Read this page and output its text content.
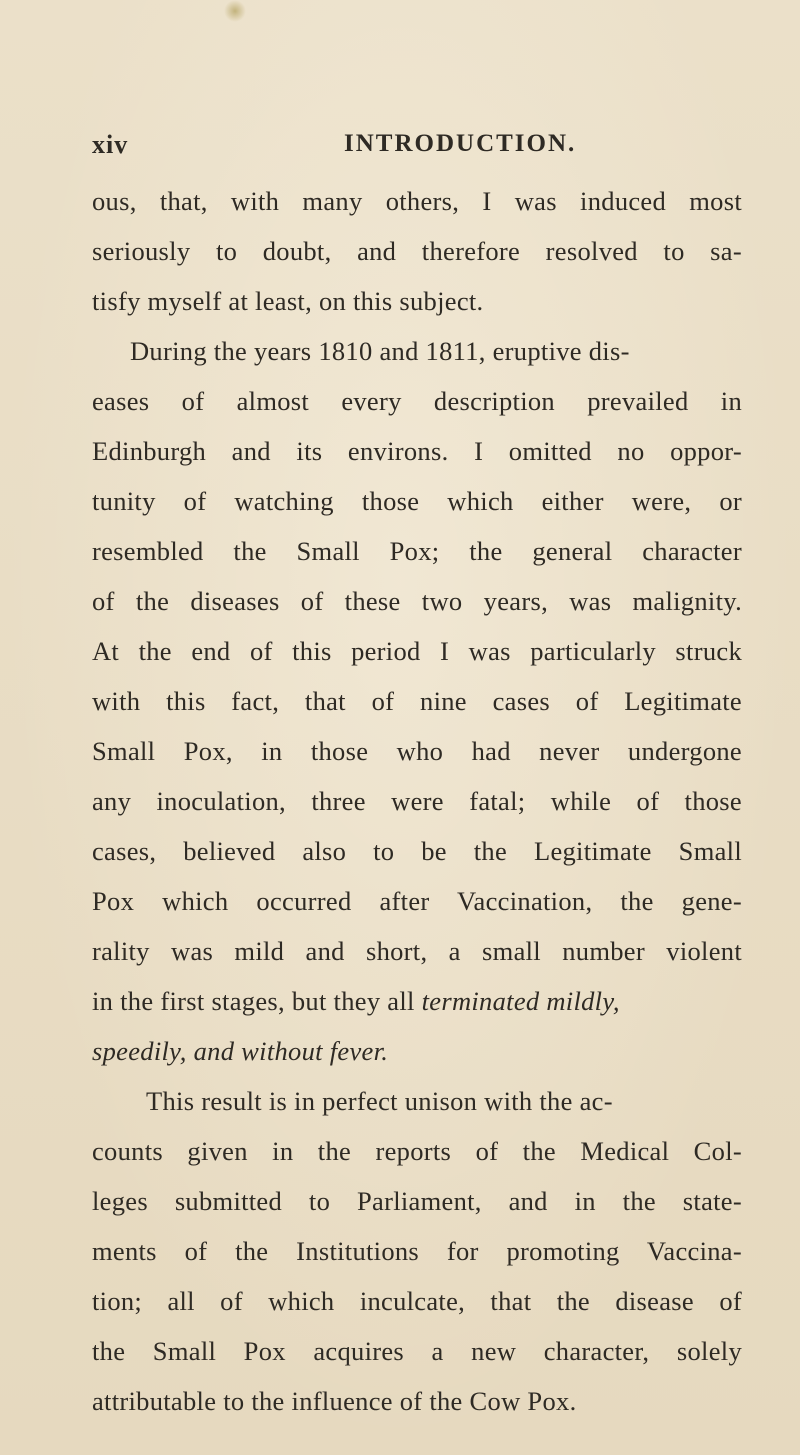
xiv	INTRODUCTION.
ous, that, with many others, I was induced most
seriously to doubt, and therefore resolved to sa-
tisfy myself at least, on this subject.
During the years 1810 and 1811, eruptive dis-
eases of almost every description prevailed in
Edinburgh and its environs. I omitted no oppor-
tunity of watching those which either were, or
resembled the Small Pox; the general character
of the diseases of these two years, was malignity.
At the end of this period I was particularly struck
with this fact, that of nine cases of Legitimate
Small Pox, in those who had never undergone
any inoculation, three were fatal; while of those
cases, believed also to be the Legitimate Small
Pox which occurred after Vaccination, the gene-
rality was mild and short, a small number violent
in the first stages, but they all terminated mildly,
speedily, and without fever.
This result is in perfect unison with the ac-
counts given in the reports of the Medical Col-
leges submitted to Parliament, and in the state-
ments of the Institutions for promoting Vaccina-
tion; all of which inculcate, that the disease of
the Small Pox acquires a new character, solely
attributable to the influence of the Cow Pox.
